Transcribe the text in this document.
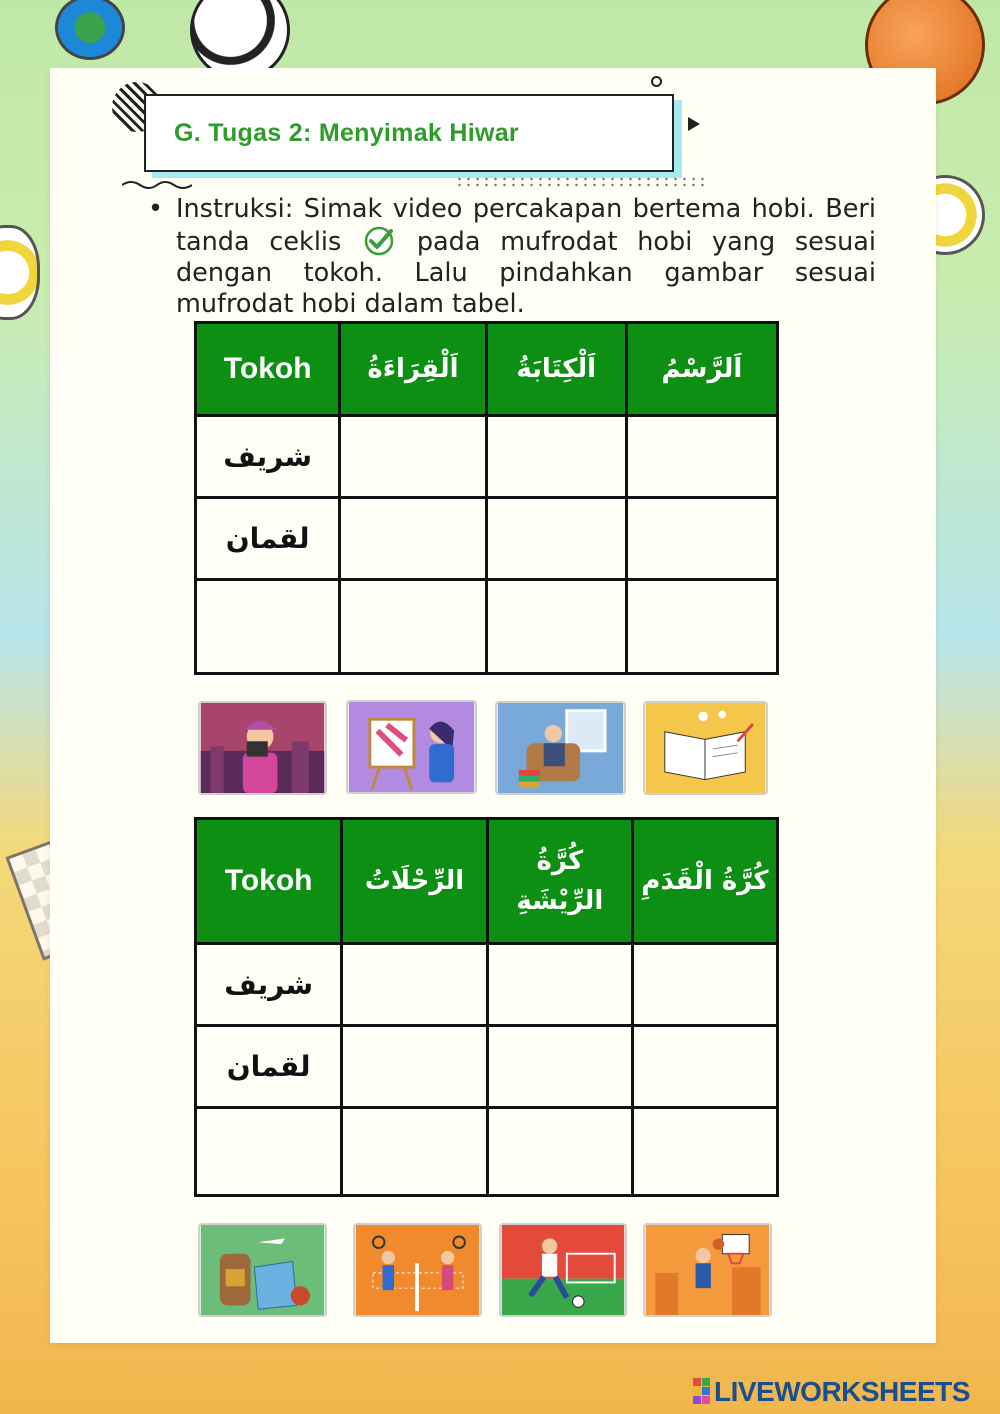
G. Tugas 2: Menyimak Hiwar
• Instruksi: Simak video percakapan bertema hobi. Beri tanda ceklis	pada mufrodat hobi yang sesuai dengan tokoh. Lalu pindahkan gambar sesuai mufrodat hobi dalam tabel.
Tokoh	اَلْقِرَاءَةُ	اَلْكِتَابَةُ	اَلرَّسْمُ
شريف			
لقمان			

Tokoh	الرِّحْلَاتُ	كُرَّةُ الرِّيْشَةِ	كُرَّةُ الْقَدَمِ
شريف			
لقمان			

LIVEWORKSHEETS
